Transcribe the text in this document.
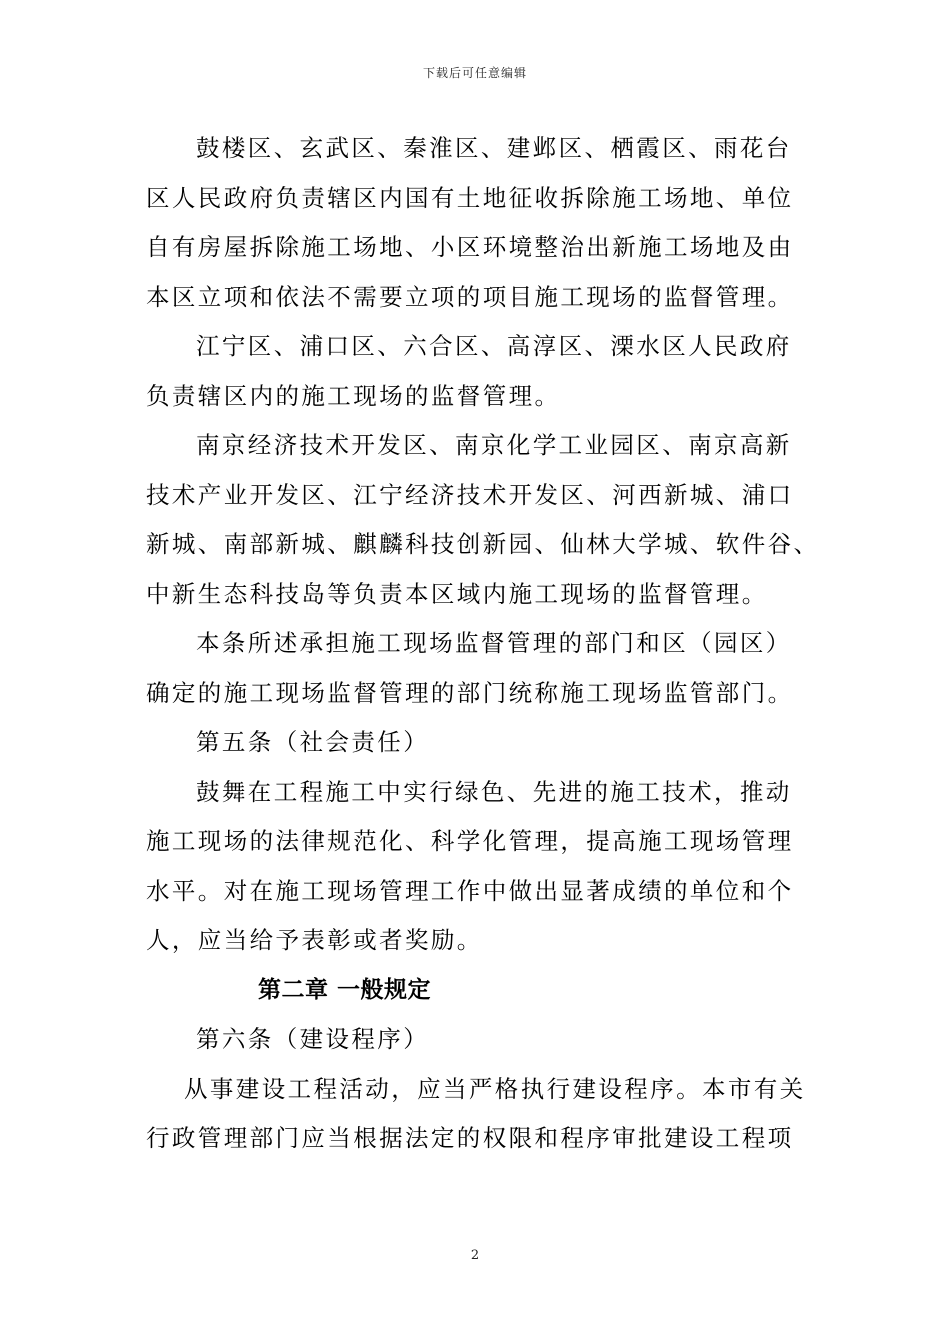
下载后可任意编辑
鼓楼区、玄武区、秦淮区、建邺区、栖霞区、雨花台
区人民政府负责辖区内国有土地征收拆除施工场地、单位
自有房屋拆除施工场地、小区环境整治出新施工场地及由
本区立项和依法不需要立项的项目施工现场的监督管理。
江宁区、浦口区、六合区、高淳区、溧水区人民政府
负责辖区内的施工现场的监督管理。
南京经济技术开发区、南京化学工业园区、南京高新
技术产业开发区、江宁经济技术开发区、河西新城、浦口
新城、南部新城、麒麟科技创新园、仙林大学城、软件谷、
中新生态科技岛等负责本区域内施工现场的监督管理。
本条所述承担施工现场监督管理的部门和区（园区）
确定的施工现场监督管理的部门统称施工现场监管部门。
第五条（社会责任）
鼓舞在工程施工中实行绿色、先进的施工技术，推动
施工现场的法律规范化、科学化管理，提高施工现场管理
水平。对在施工现场管理工作中做出显著成绩的单位和个
人，应当给予表彰或者奖励。
第二章 一般规定
第六条（建设程序）
从事建设工程活动，应当严格执行建设程序。本市有关
行政管理部门应当根据法定的权限和程序审批建设工程项
2
